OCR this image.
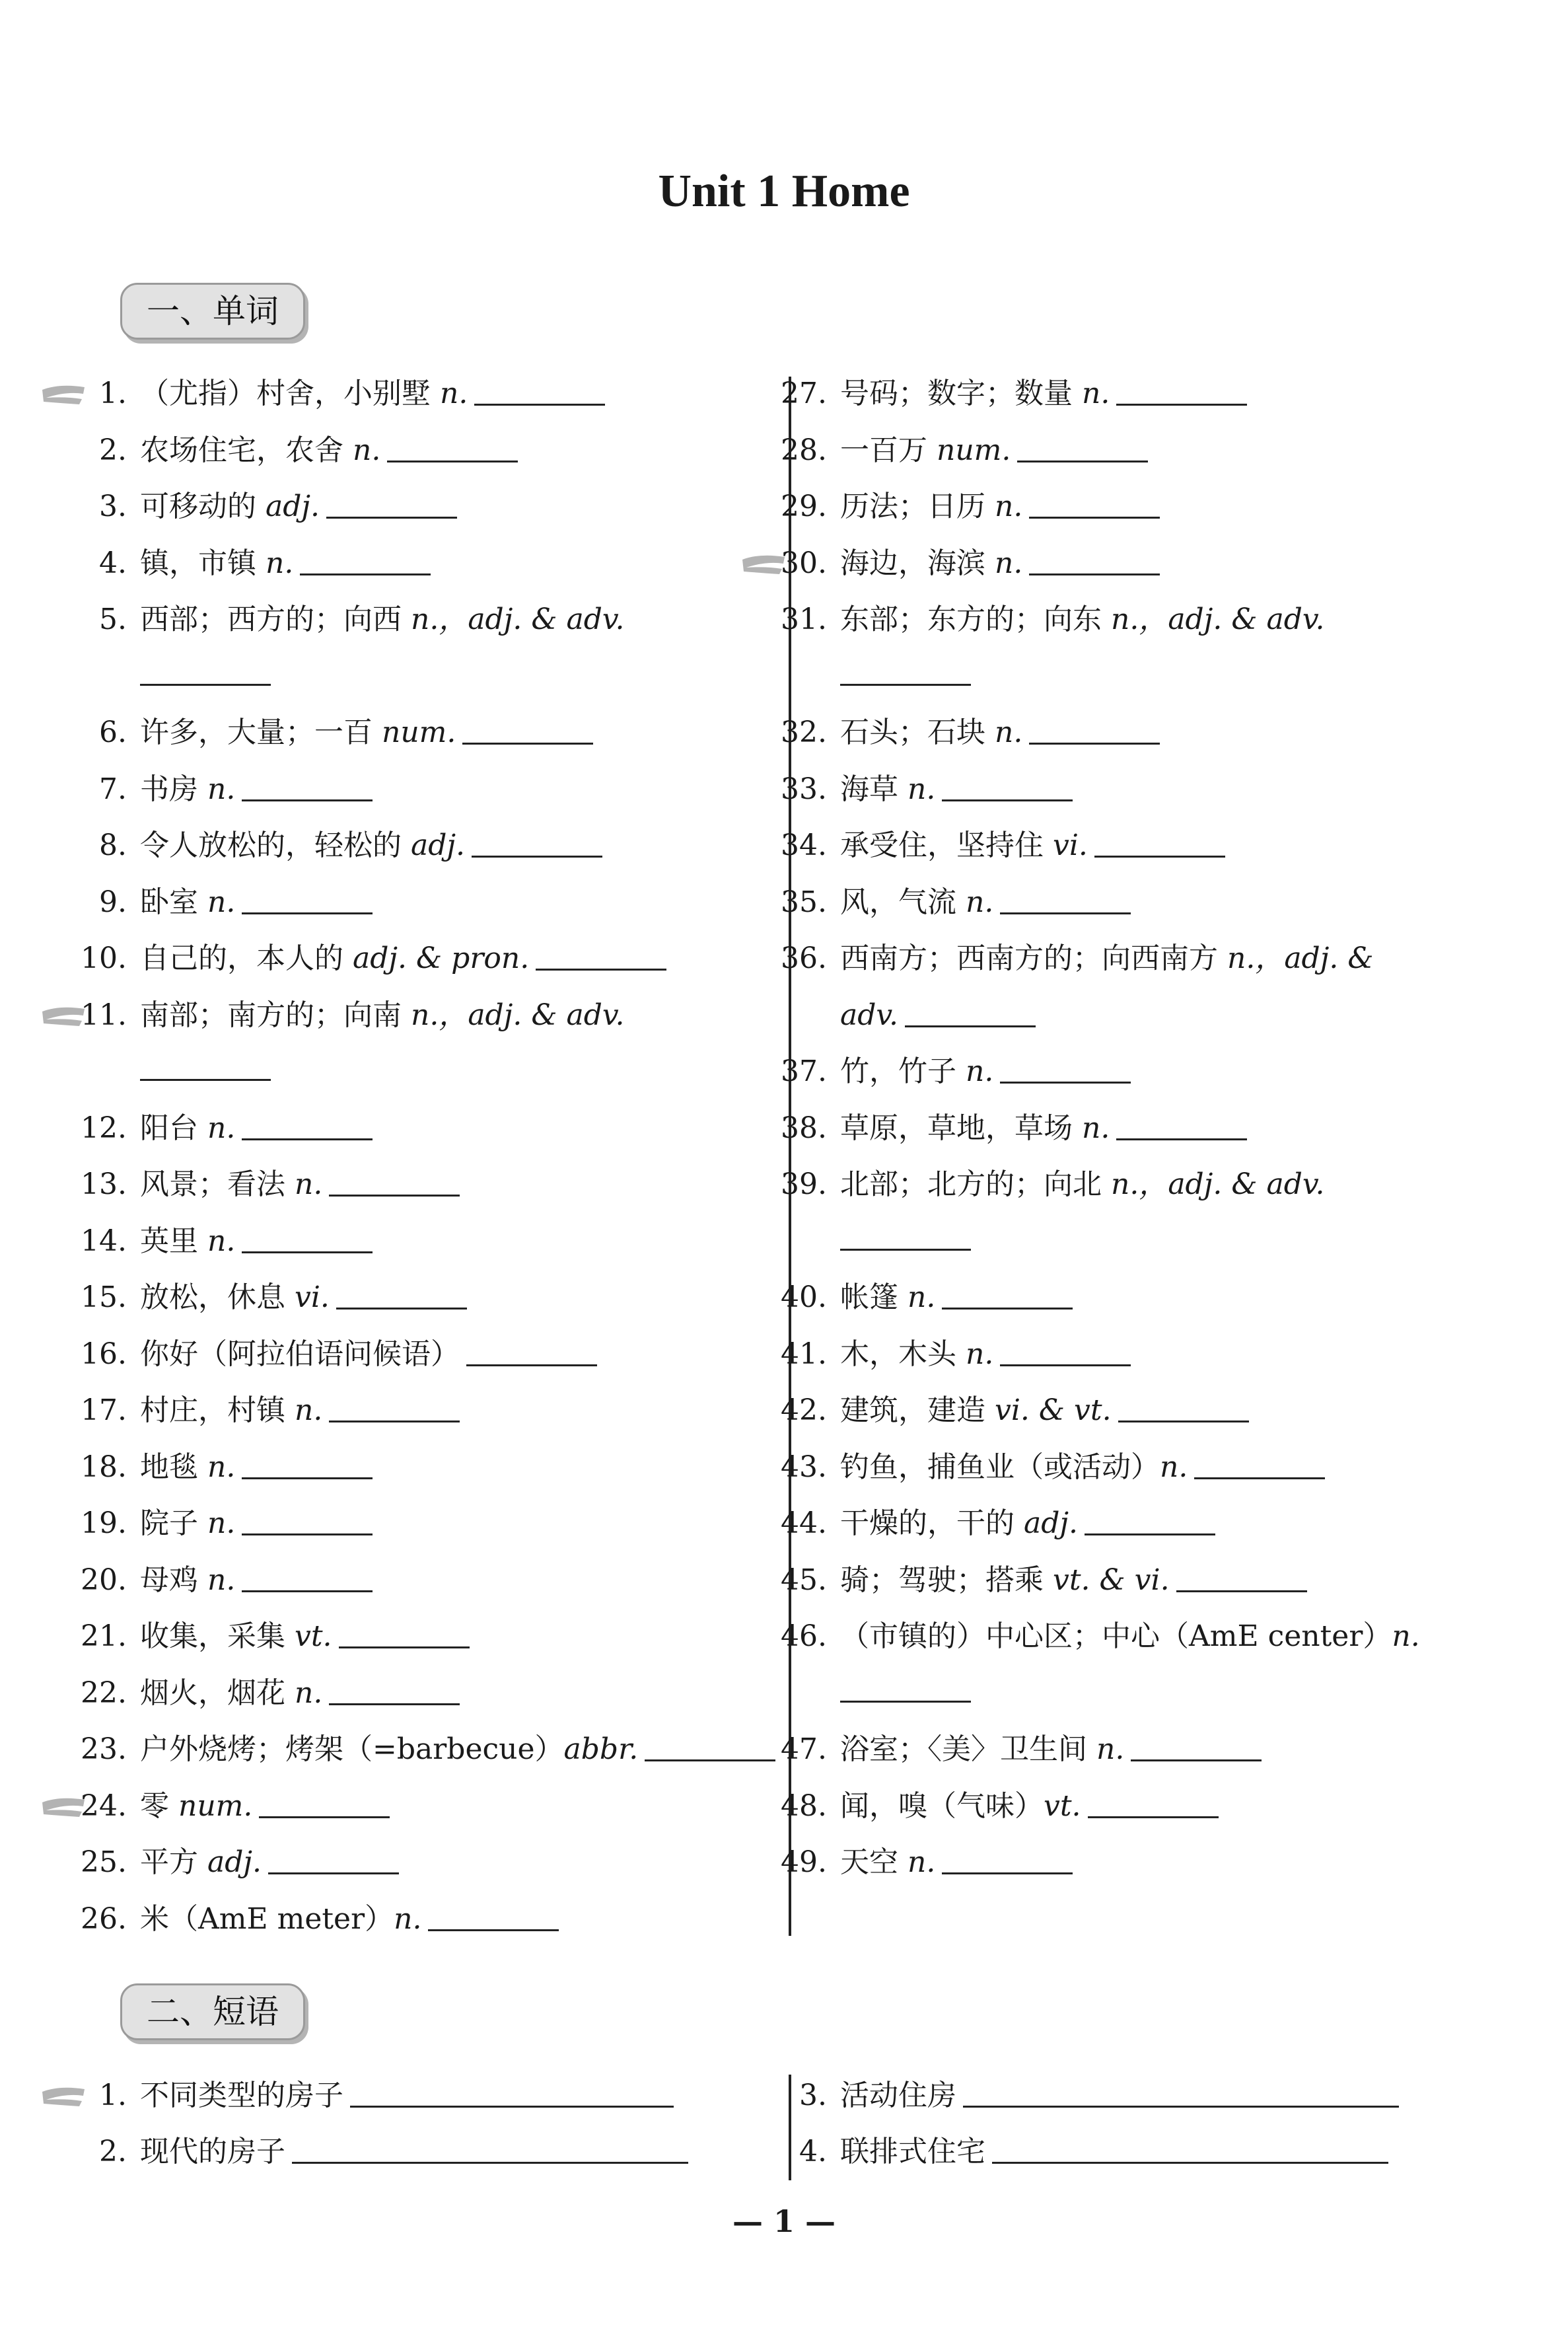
Unit 1 Home
一、单词
1. （尤指）村舍，小别墅 n.
2. 农场住宅，农舍 n.
3. 可移动的 adj.
4. 镇，市镇 n.
5. 西部；西方的；向西 n.，adj. & adv.
6. 许多，大量；一百 num.
7. 书房 n.
8. 令人放松的，轻松的 adj.
9. 卧室 n.
10. 自己的，本人的 adj. & pron.
11. 南部；南方的；向南 n.，adj. & adv.
12. 阳台 n.
13. 风景；看法 n.
14. 英里 n.
15. 放松，休息 vi.
16. 你好（阿拉伯语问候语）
17. 村庄，村镇 n.
18. 地毯 n.
19. 院子 n.
20. 母鸡 n.
21. 收集，采集 vt.
22. 烟火，烟花 n.
23. 户外烧烤；烤架（=barbecue）abbr.
24. 零 num.
25. 平方 adj.
26. 米（AmE meter）n.
27. 号码；数字；数量 n.
28. 一百万 num.
29. 历法；日历 n.
30. 海边，海滨 n.
31. 东部；东方的；向东 n.，adj. & adv.
32. 石头；石块 n.
33. 海草 n.
34. 承受住，坚持住 vi.
35. 风，气流 n.
36. 西南方；西南方的；向西南方 n.，adj. &
adv.
37. 竹，竹子 n.
38. 草原，草地，草场 n.
39. 北部；北方的；向北 n.，adj. & adv.
40. 帐篷 n.
41. 木，木头 n.
42. 建筑，建造 vi. & vt.
43. 钓鱼，捕鱼业（或活动）n.
44. 干燥的，干的 adj.
45. 骑；驾驶；搭乘 vt. & vi.
46. （市镇的）中心区；中心（AmE center）n.
47. 浴室；〈美〉卫生间 n.
48. 闻，嗅（气味）vt.
49. 天空 n.
二、短语
1. 不同类型的房子
2. 现代的房子
3. 活动住房
4. 联排式住宅
— 1 —
